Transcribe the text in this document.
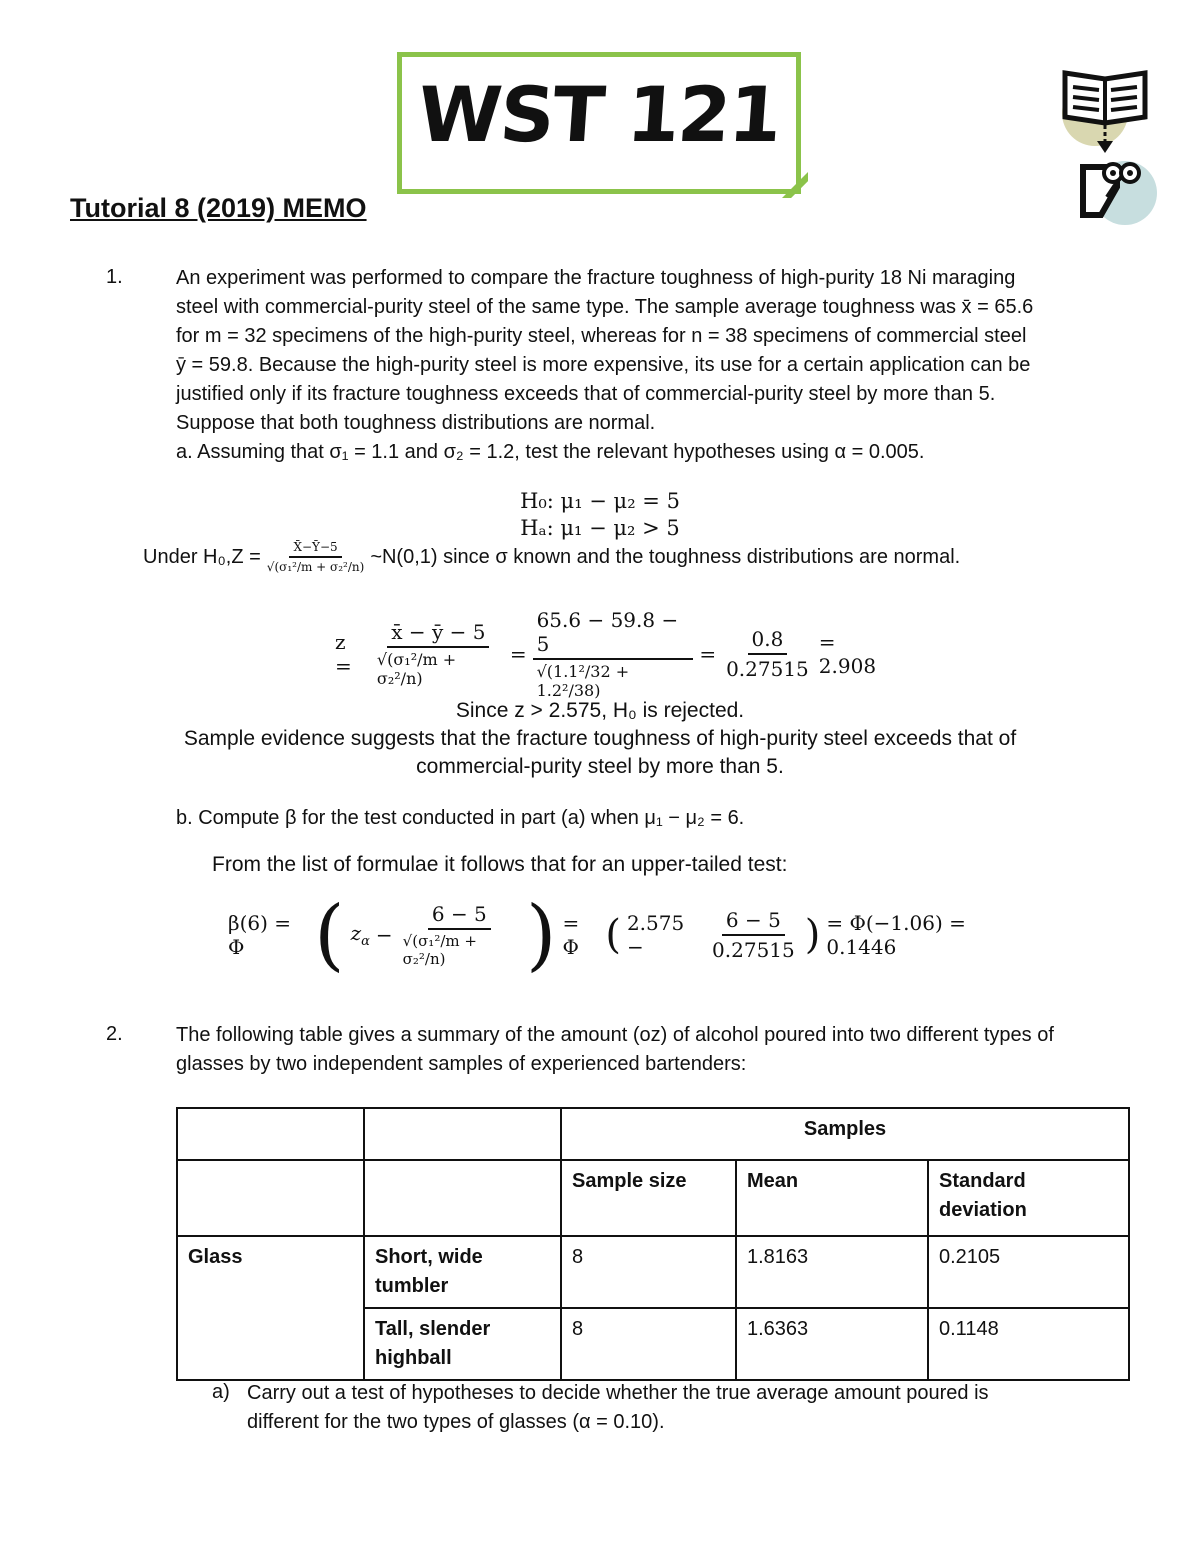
WST 121
Tutorial 8 (2019) MEMO
1.	An experiment was performed to compare the fracture toughness of high-purity 18 Ni maraging
steel with commercial-purity steel of the same type. The sample average toughness was x̄ = 65.6
for m = 32 specimens of the high-purity steel, whereas for n = 38 specimens of commercial steel
ȳ = 59.8. Because the high-purity steel is more expensive, its use for a certain application can be
justified only if its fracture toughness exceeds that of commercial-purity steel by more than 5.
Suppose that both toughness distributions are normal.
a. Assuming that σ₁ = 1.1 and σ₂ = 1.2, test the relevant hypotheses using α = 0.005.
H₀: μ₁ − μ₂ = 5
Hₐ: μ₁ − μ₂ > 5
Under $H_0,Z = \frac{X̄-Ȳ-5}{\text{√(σ₁²/m + σ₂²/n)}}$ ~N(0,1) since σ known and the toughness distributions are normal.
z =	$\frac{x̄ - ȳ - 5}{\text{√(σ₁²/m + σ₂²/n)}} = \frac{65.6 - 59.8 - 5}{\text{√(1.1²/32 + 1.2²/38)}} = \frac{0.8}{0.27515} = 2.908$
Since z > 2.575, H₀ is rejected.
Sample evidence suggests that the fracture toughness of high-purity steel exceeds that of
commercial-purity steel by more than 5.
b. Compute β for the test conducted in part (a) when μ₁ − μ₂ = 6.
From the list of formulae it follows that for an upper-tailed test:
β(6) = Φ ( $z_\alpha - \frac{6 - 5}{\text{√(σ₁²/m + σ₂²/n)}}$ ) = Φ ( 2.575 −	$\frac{6 - 5}{0.27515}$ ) = Φ(−1.06) = 0.1446
2.	The following table gives a summary of the amount (oz) of alcohol poured into two different types of
glasses by two independent samples of experienced bartenders:
		Samples		
		Sample size	Mean	Standard deviation
Glass	Short, wide tumbler	8	1.8163	0.2105
	Tall, slender highball	8	1.6363	0.1148
a) Carry out a test of hypotheses to decide whether the true average amount poured is
different for the two types of glasses (α = 0.10).
